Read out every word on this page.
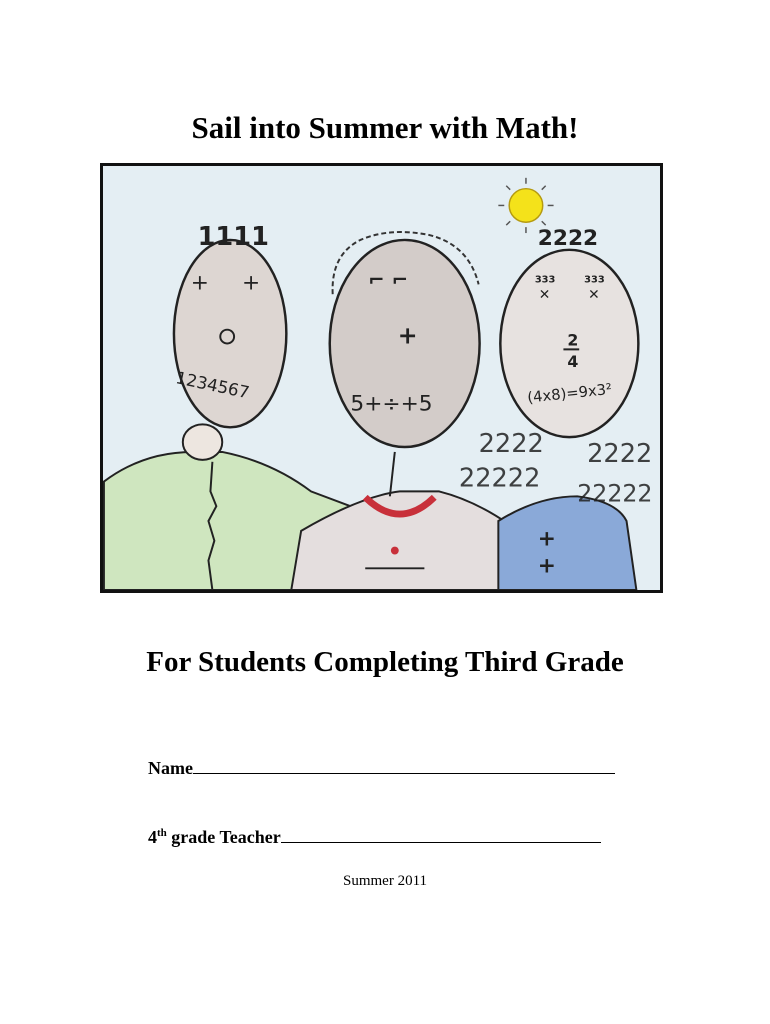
Sail into Summer with Math!
1111
+ +
1234567
⌐ ⌐
+
5+÷+5
+
+
2222
22222
2222
22222
2222
333	333
✕	✕
2
4
(4x8)=9x3²
For Students Completing Third Grade
Name
4th grade Teacher
Summer 2011
